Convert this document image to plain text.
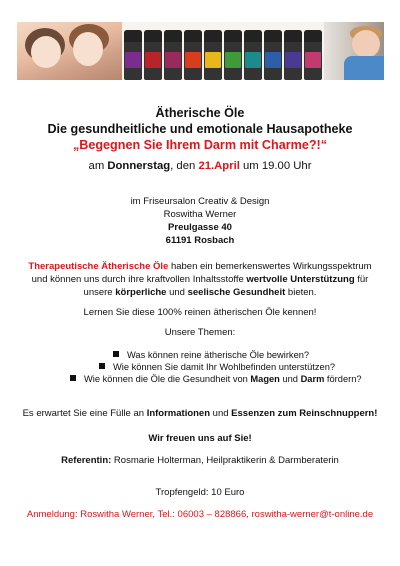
Ätherische Öle
Die gesundheitliche und emotionale Hausapotheke
„Begegnen Sie Ihrem Darm mit Charme?!“
am Donnerstag, den 21.April um 19.00 Uhr
im Friseursalon Creativ & Design
Roswitha Werner
Preulgasse 40
61191 Rosbach
Therapeutische Ätherische Öle haben ein bemerkenswertes Wirkungsspektrum
und können uns durch ihre kraftvollen Inhaltsstoffe wertvolle Unterstützung für
unsere körperliche und seelische Gesundheit bieten.
Lernen Sie diese 100% reinen ätherischen Öle kennen!
Unsere Themen:
Was können reine ätherische Öle bewirken?
Wie können Sie damit Ihr Wohlbefinden unterstützen?
Wie können die Öle die Gesundheit von Magen und Darm fördern?
Es erwartet Sie eine Fülle an Informationen und Essenzen zum Reinschnuppern!
Wir freuen uns auf Sie!
Referentin: Rosmarie Holterman, Heilpraktikerin & Darmberaterin
Tropfengeld: 10 Euro
Anmeldung: Roswitha Werner, Tel.: 06003 – 828866, roswitha-werner@t-online.de
